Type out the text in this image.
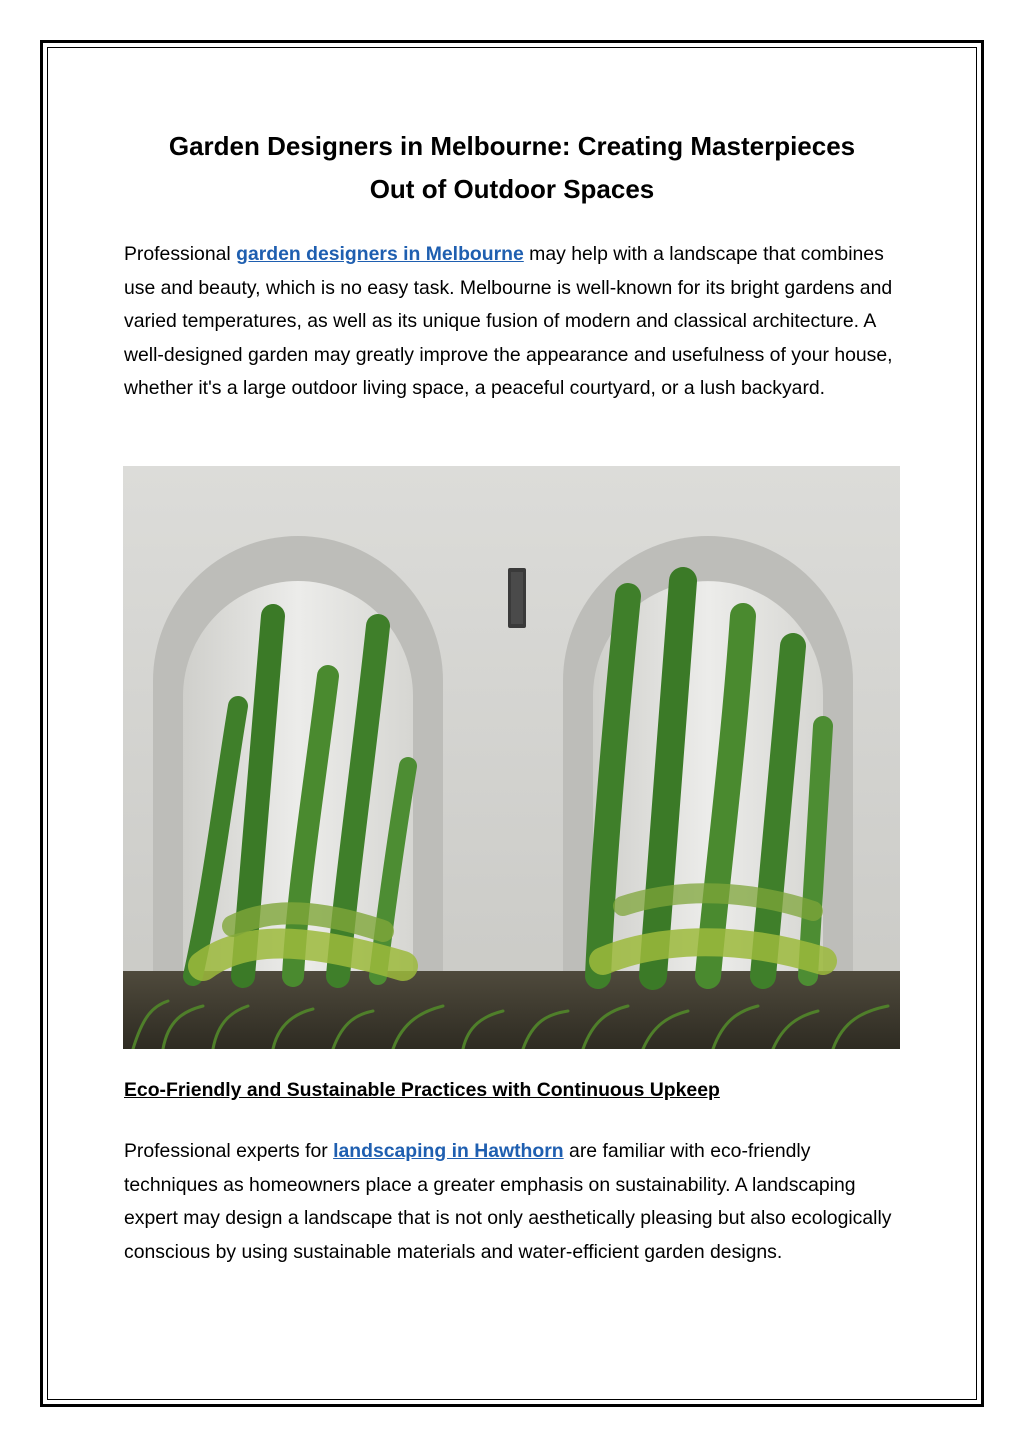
Garden Designers in Melbourne: Creating Masterpieces
Out of Outdoor Spaces

Professional garden designers in Melbourne may help with a landscape that combines use and beauty, which is no easy task. Melbourne is well-known for its bright gardens and varied temperatures, as well as its unique fusion of modern and classical architecture. A well-designed garden may greatly improve the appearance and usefulness of your house, whether it's a large outdoor living space, a peaceful courtyard, or a lush backyard.

Eco-Friendly and Sustainable Practices with Continuous Upkeep

Professional experts for landscaping in Hawthorn are familiar with eco-friendly techniques as homeowners place a greater emphasis on sustainability. A landscaping expert may design a landscape that is not only aesthetically pleasing but also ecologically conscious by using sustainable materials and water-efficient garden designs.
